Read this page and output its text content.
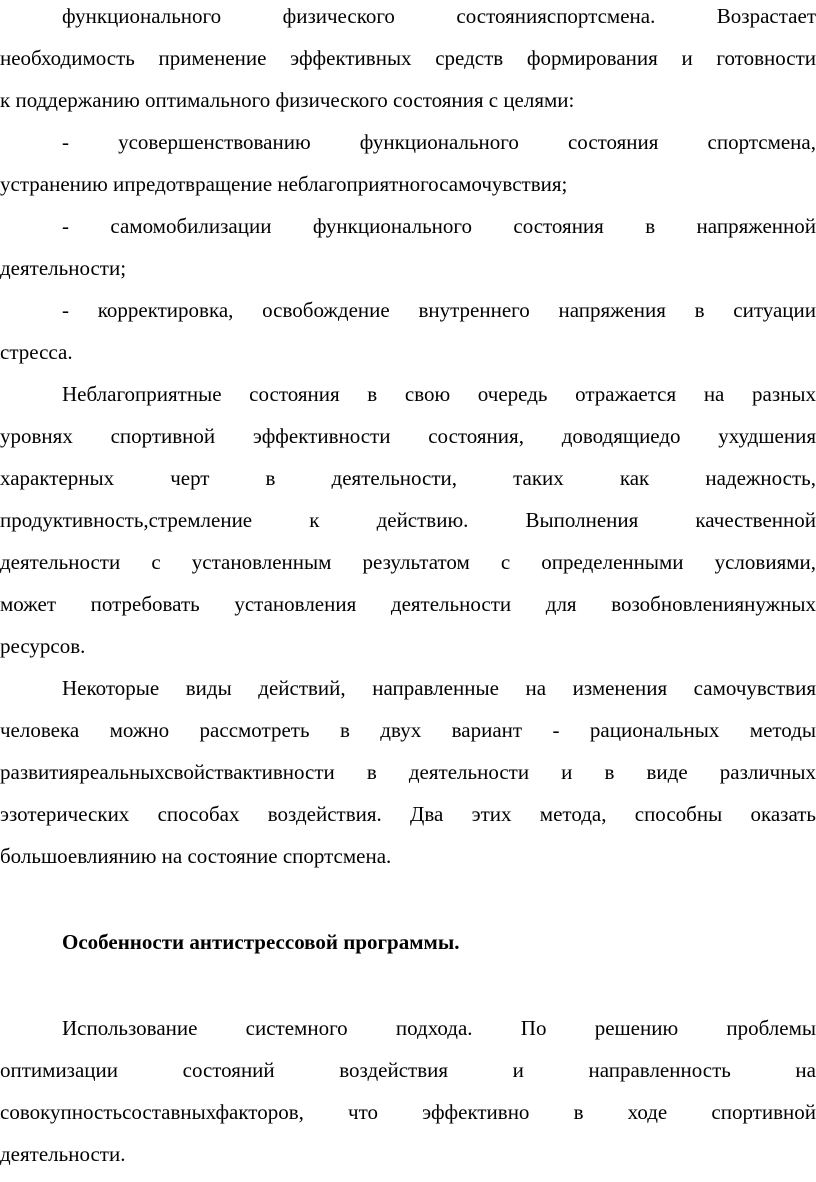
функционального физического состоянияспортсмена. Возрастает
необходимость применение эффективных средств формирования и готовности
к поддержанию оптимального физического состояния с целями:
- усовершенствованию функционального состояния спортсмена,
устранению ипредотвращение неблагоприятногосамочувствия;
- самомобилизации функционального состояния в напряженной
деятельности;
- корректировка, освобождение внутреннего напряжения в ситуации
стресса.
Неблагоприятные состояния в свою очередь отражается на разных
уровнях спортивной эффективности состояния, доводящиедо ухудшения
характерных черт в деятельности, таких как надежность,
продуктивность,стремление к действию. Выполнения качественной
деятельности с установленным результатом с определенными условиями,
может потребовать установления деятельности для возобновлениянужных
ресурсов.
Некоторые виды действий, направленные на изменения самочувствия
человека можно рассмотреть в двух вариант - рациональных методы
развитияреальныхсвойствактивности в деятельности и в виде различных
эзотерических способах воздействия. Два этих метода, способны оказать
большоевлиянию на состояние спортсмена.
Особенности антистрессовой программы.
Использование системного подхода. По решению проблемы
оптимизации состояний воздействия и направленность на
совокупностьсоставныхфакторов, что эффективно в ходе спортивной
деятельности.
